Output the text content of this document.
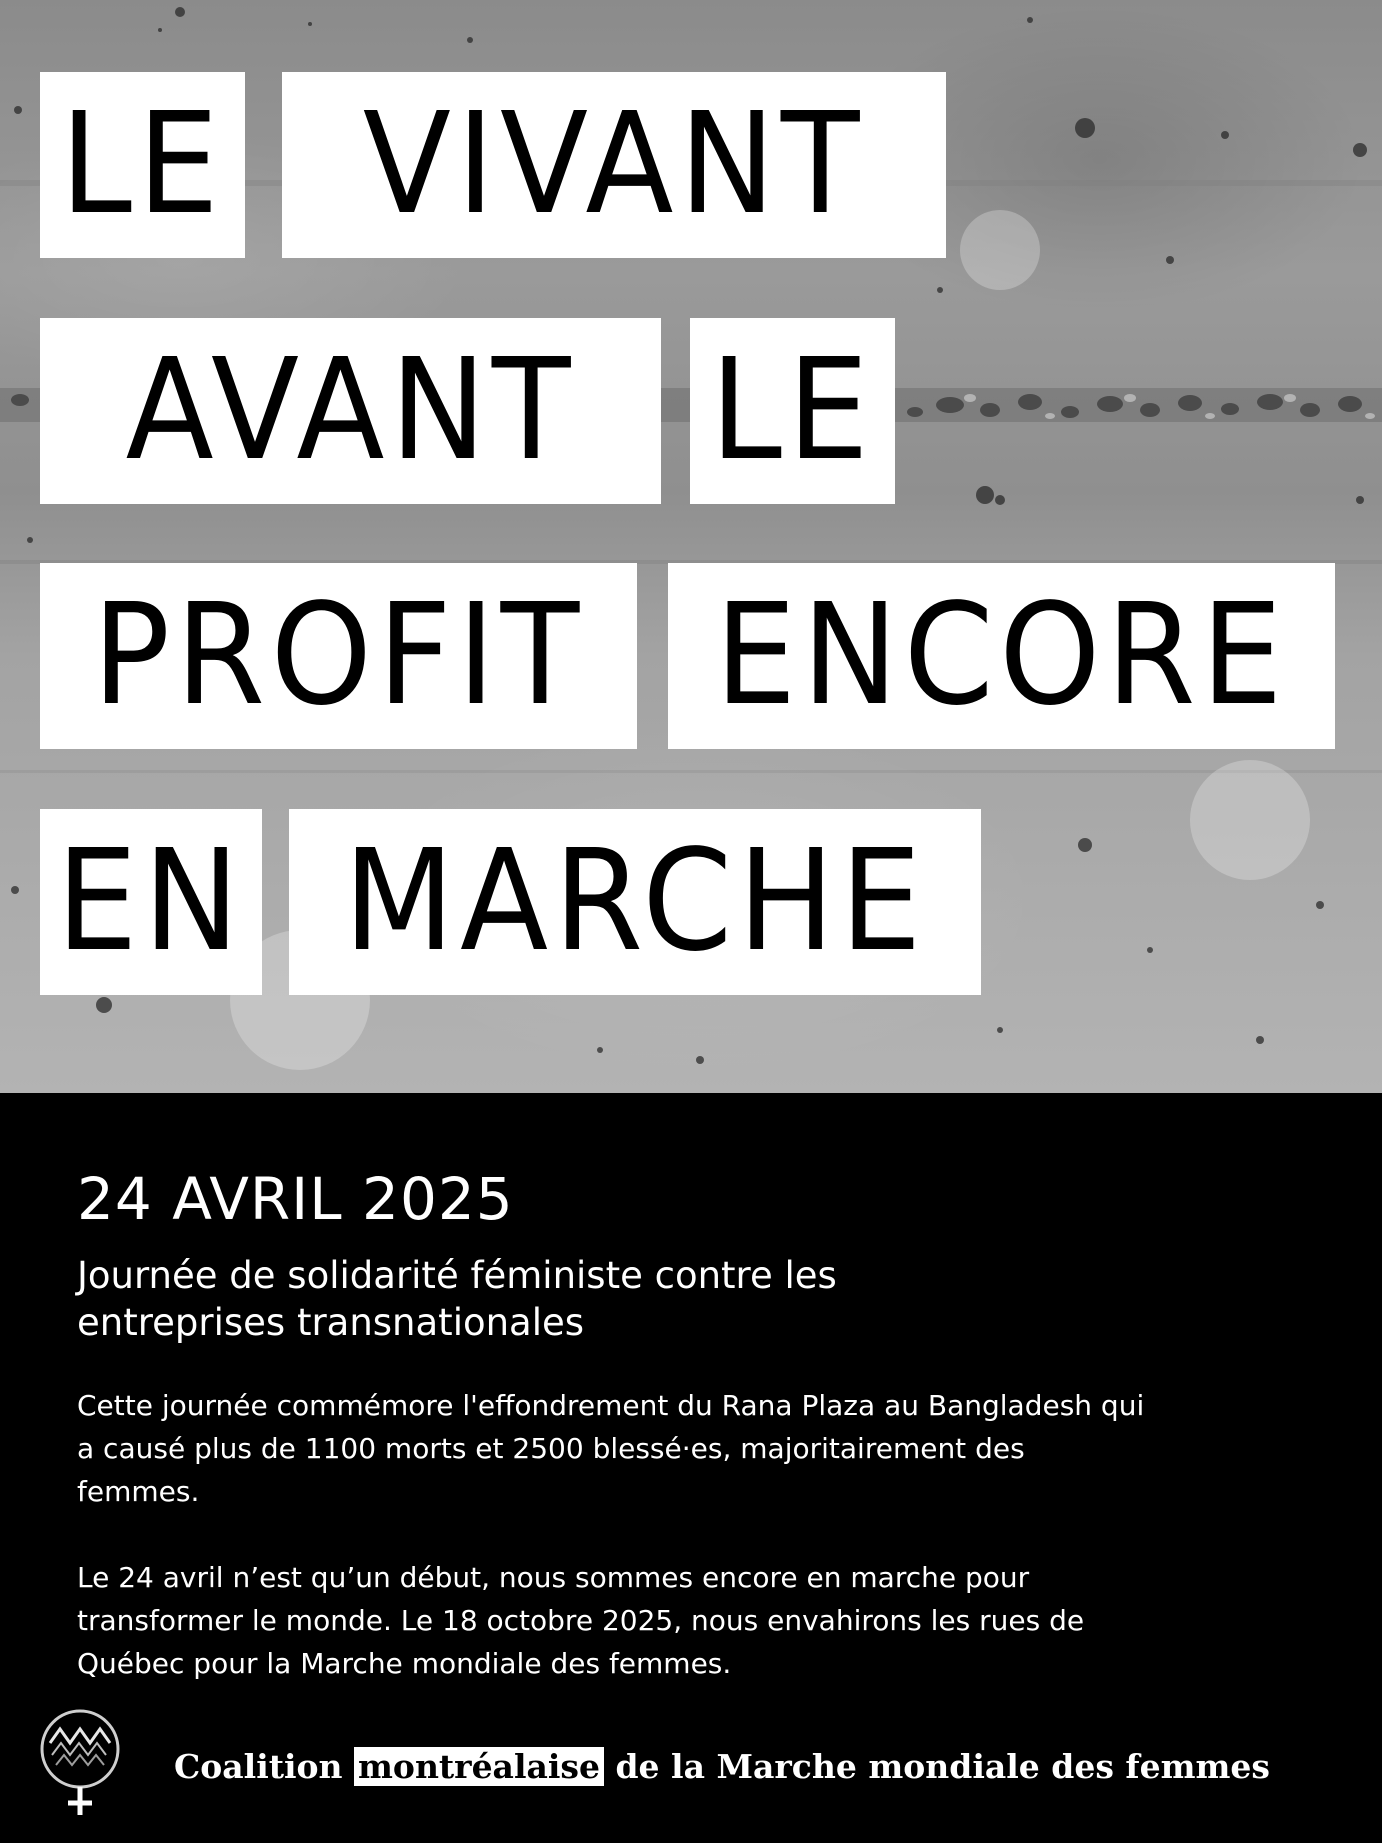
LE VIVANT
AVANT LE
PROFIT ENCORE
EN MARCHE
24 AVRIL 2025
Journée de solidarité féministe contre les
entreprises transnationales
Cette journée commémore l'effondrement du Rana Plaza au Bangladesh qui
a causé plus de 1100 morts et 2500 blessé·es, majoritairement des
femmes.
Le 24 avril n’est qu’un début, nous sommes encore en marche pour
transformer le monde. Le 18 octobre 2025, nous envahirons les rues de
Québec pour la Marche mondiale des femmes.
Coalition montréalaise de la Marche mondiale des femmes
